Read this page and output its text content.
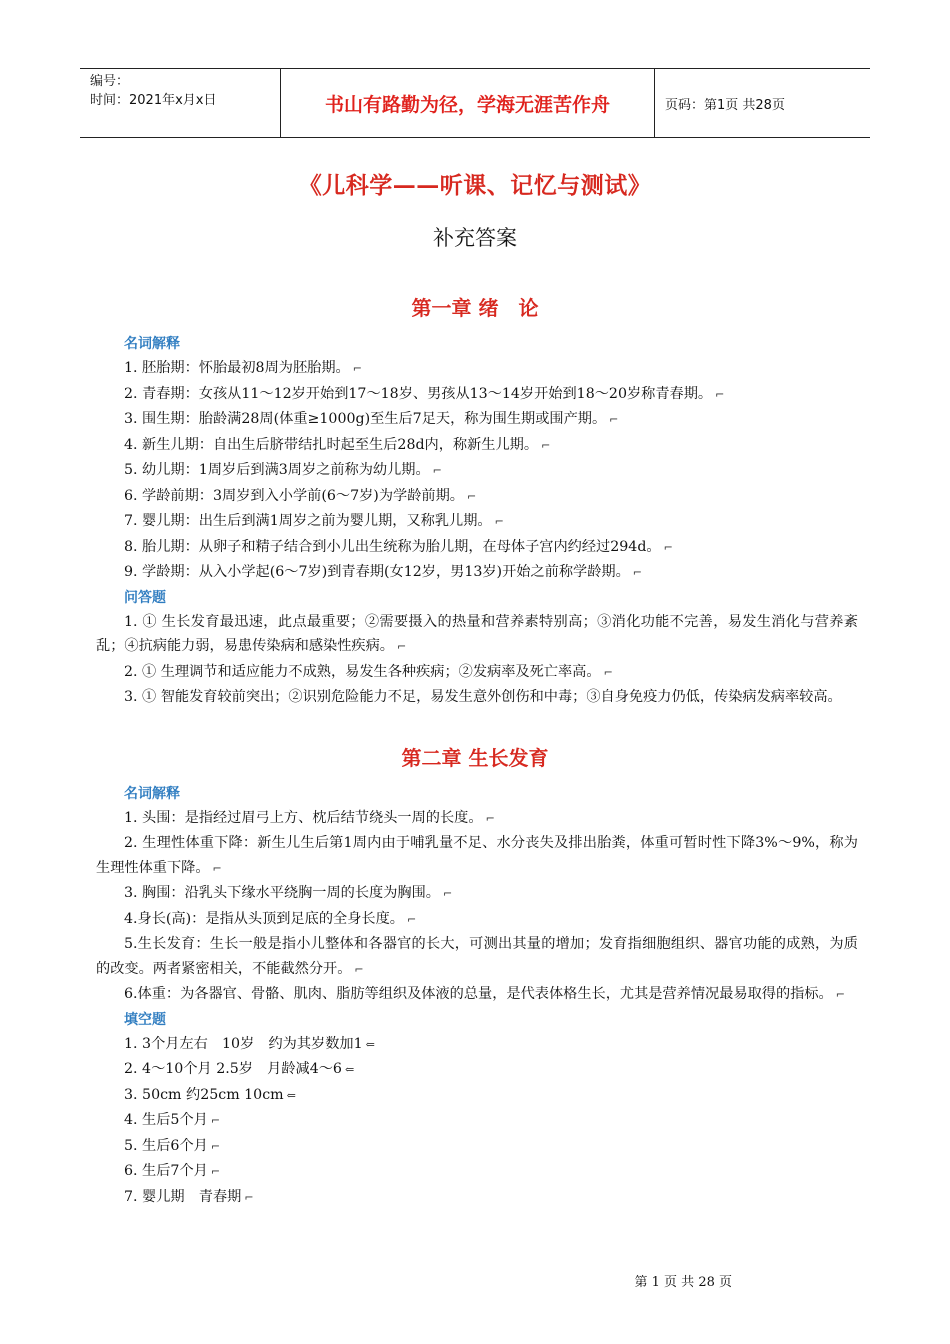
编号：
时间：2021年x月x日	书山有路勤为径，学海无涯苦作舟	页码：第1页 共28页
《儿科学——听课、记忆与测试》
补充答案
第一章 绪　论
名词解释
1. 胚胎期：怀胎最初8周为胚胎期。 ⌐
2. 青春期：女孩从11～12岁开始到17～18岁、男孩从13～14岁开始到18～20岁称青春期。 ⌐
3. 围生期：胎龄满28周(体重≥1000g)至生后7足天，称为围生期或围产期。 ⌐
4. 新生儿期：自出生后脐带结扎时起至生后28d内，称新生儿期。 ⌐
5. 幼儿期：1周岁后到满3周岁之前称为幼儿期。 ⌐
6. 学龄前期：3周岁到入小学前(6～7岁)为学龄前期。 ⌐
7. 婴儿期：出生后到满1周岁之前为婴儿期，又称乳儿期。 ⌐
8. 胎儿期：从卵子和精子结合到小儿出生统称为胎儿期，在母体子宫内约经过294d。 ⌐
9. 学龄期：从入小学起(6～7岁)到青春期(女12岁，男13岁)开始之前称学龄期。 ⌐
问答题
1. ① 生长发育最迅速，此点最重要；②需要摄入的热量和营养素特别高；③消化功能不完善，易发生消化与营养紊乱；④抗病能力弱，易患传染病和感染性疾病。 ⌐
2. ① 生理调节和适应能力不成熟，易发生各种疾病；②发病率及死亡率高。 ⌐
3. ① 智能发育较前突出；②识别危险能力不足，易发生意外创伤和中毒；③自身免疫力仍低，传染病发病率较高。
第二章 生长发育
名词解释
1. 头围：是指经过眉弓上方、枕后结节绕头一周的长度。 ⌐
2. 生理性体重下降：新生儿生后第1周内由于哺乳量不足、水分丧失及排出胎粪，体重可暂时性下降3%～9%，称为生理性体重下降。 ⌐
3. 胸围：沿乳头下缘水平绕胸一周的长度为胸围。 ⌐
4.身长(高)：是指从头顶到足底的全身长度。 ⌐
5.生长发育：生长一般是指小儿整体和各器官的长大，可测出其量的增加；发育指细胞组织、器官功能的成熟，为质的改变。两者紧密相关，不能截然分开。 ⌐
6.体重：为各器官、骨骼、肌肉、脂肪等组织及体液的总量，是代表体格生长，尤其是营养情况最易取得的指标。 ⌐
填空题
1. 3个月左右　10岁　约为其岁数加1 ⇐
2. 4～10个月 2.5岁　月龄减4～6 ⇐
3. 50cm 约25cm 10cm ⇐
4. 生后5个月 ⌐
5. 生后6个月 ⌐
6. 生后7个月 ⌐
7. 婴儿期　青春期 ⌐
第 1 页 共 28 页
